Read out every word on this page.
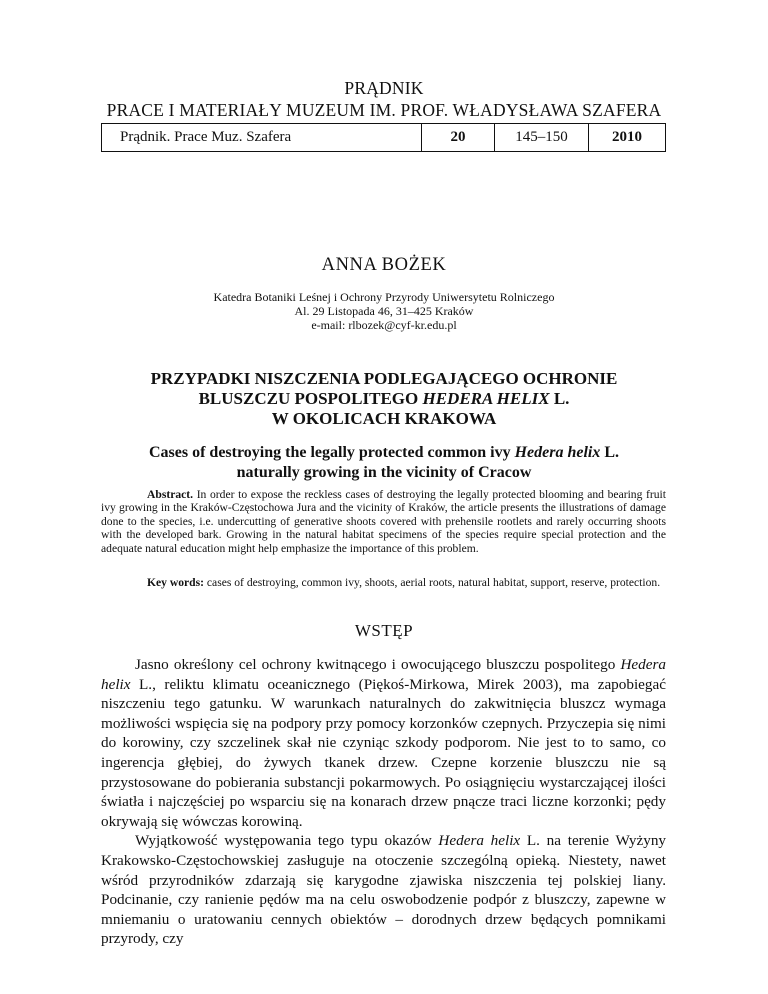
PRĄDNIK
PRACE I MATERIAŁY MUZEUM IM. PROF. WŁADYSŁAWA SZAFERA
Prądnik. Prace Muz. Szafera	20	145–150	2010
ANNA BOŻEK
Katedra Botaniki Leśnej i Ochrony Przyrody Uniwersytetu Rolniczego
Al. 29 Listopada 46, 31–425 Kraków
e-mail: rlbozek@cyf-kr.edu.pl
PRZYPADKI NISZCZENIA PODLEGAJĄCEGO OCHRONIE
BLUSZCZU POSPOLITEGO HEDERA HELIX L.
W OKOLICACH KRAKOWA
Cases of destroying the legally protected common ivy Hedera helix L.
naturally growing in the vicinity of Cracow

Abstract. In order to expose the reckless cases of destroying the legally protected blooming and bearing fruit ivy growing in the Kraków-Częstochowa Jura and the vicinity of Kraków, the article presents the illustrations of damage done to the species, i.e. undercutting of generative shoots covered with prehensile rootlets and rarely occurring shoots with the developed bark. Growing in the natural habitat specimens of the species require special protection and the adequate natural education might help emphasize the importance of this problem.

Key words: cases of destroying, common ivy, shoots, aerial roots, natural habitat, support, reserve, protection.

WSTĘP

Jasno określony cel ochrony kwitnącego i owocującego bluszczu pospolitego Hedera helix L., reliktu klimatu oceanicznego (Piękoś-Mirkowa, Mirek 2003), ma zapobiegać niszczeniu tego gatunku. W warunkach naturalnych do zakwitnięcia bluszcz wymaga możliwości wspięcia się na podpory przy pomocy korzonków czepnych. Przyczepia się nimi do korowiny, czy szczelinek skał nie czyniąc szkody podporom. Nie jest to to samo, co ingerencja głębiej, do żywych tkanek drzew. Czepne korzenie bluszczu nie są przystosowane do pobierania substancji pokarmowych. Po osiągnięciu wystarczającej ilości światła i najczęściej po wsparciu się na konarach drzew pnącze traci liczne korzonki; pędy okrywają się wówczas korowiną.

Wyjątkowość występowania tego typu okazów Hedera helix L. na terenie Wyżyny Krakowsko-Częstochowskiej zasługuje na otoczenie szczególną opieką. Niestety, nawet wśród przyrodników zdarzają się karygodne zjawiska niszczenia tej polskiej liany. Podcinanie, czy ranienie pędów ma na celu oswobodzenie podpór z bluszczy, zapewne w mniemaniu o uratowaniu cennych obiektów – dorodnych drzew będących pomnikami przyrody, czy
